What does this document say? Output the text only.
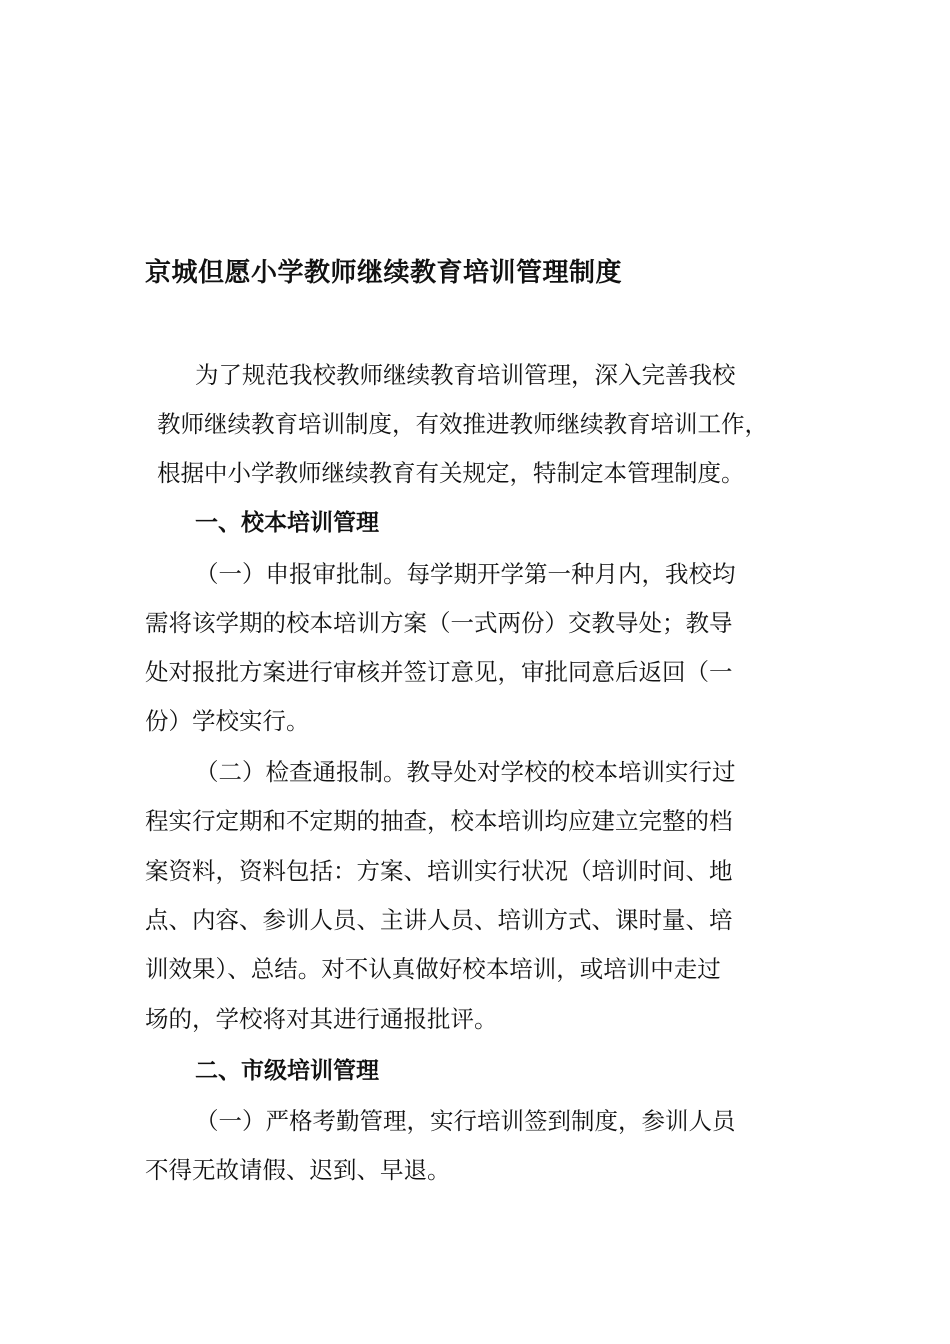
京城但愿小学教师继续教育培训管理制度
为了规范我校教师继续教育培训管理，深入完善我校
教师继续教育培训制度，有效推进教师继续教育培训工作，
根据中小学教师继续教育有关规定，特制定本管理制度。
一、校本培训管理
（一）申报审批制。每学期开学第一种月内，我校均
需将该学期的校本培训方案（一式两份）交教导处；教导
处对报批方案进行审核并签订意见，审批同意后返回（一
份）学校实行。
（二）检查通报制。教导处对学校的校本培训实行过
程实行定期和不定期的抽查，校本培训均应建立完整的档
案资料，资料包括：方案、培训实行状况（培训时间、地
点、内容、参训人员、主讲人员、培训方式、课时量、培
训效果）、总结。对不认真做好校本培训，或培训中走过
场的，学校将对其进行通报批评。
二、市级培训管理
（一）严格考勤管理，实行培训签到制度，参训人员
不得无故请假、迟到、早退。
